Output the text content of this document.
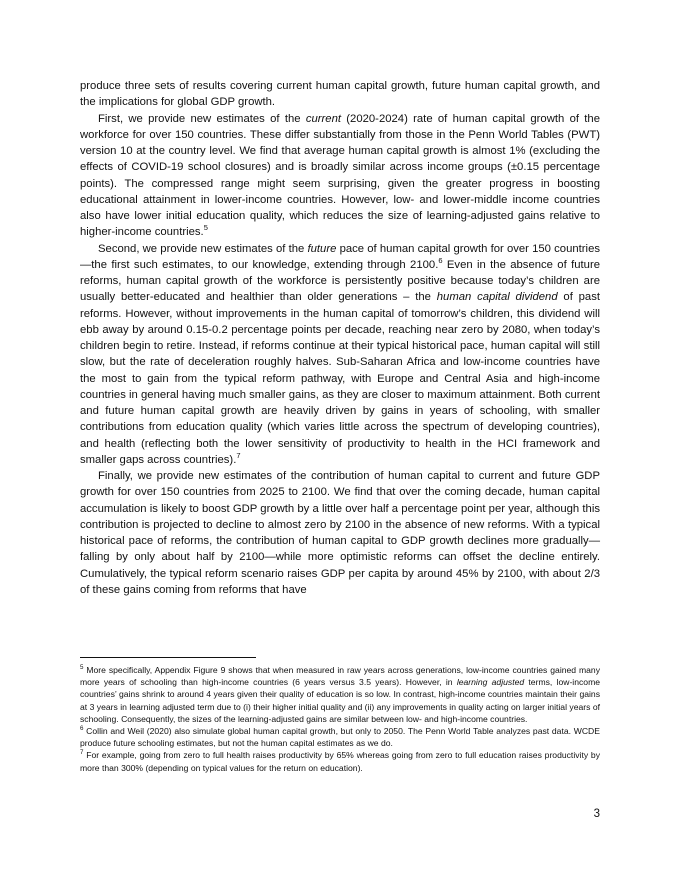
produce three sets of results covering current human capital growth, future human capital growth, and the implications for global GDP growth.

First, we provide new estimates of the current (2020-2024) rate of human capital growth of the workforce for over 150 countries. These differ substantially from those in the Penn World Tables (PWT) version 10 at the country level. We find that average human capital growth is almost 1% (excluding the effects of COVID-19 school closures) and is broadly similar across income groups (±0.15 percentage points). The compressed range might seem surprising, given the greater progress in boosting educational attainment in lower-income countries. However, low- and lower-middle income countries also have lower initial education quality, which reduces the size of learning-adjusted gains relative to higher-income countries.$^5$

Second, we provide new estimates of the future pace of human capital growth for over 150 countries—the first such estimates, to our knowledge, extending through 2100.$^6$ Even in the absence of future reforms, human capital growth of the workforce is persistently positive because today’s children are usually better-educated and healthier than older generations – the human capital dividend of past reforms. However, without improvements in the human capital of tomorrow’s children, this dividend will ebb away by around 0.15-0.2 percentage points per decade, reaching near zero by 2080, when today’s children begin to retire. Instead, if reforms continue at their typical historical pace, human capital will still slow, but the rate of deceleration roughly halves. Sub-Saharan Africa and low-income countries have the most to gain from the typical reform pathway, with Europe and Central Asia and high-income countries in general having much smaller gains, as they are closer to maximum attainment. Both current and future human capital growth are heavily driven by gains in years of schooling, with smaller contributions from education quality (which varies little across the spectrum of developing countries), and health (reflecting both the lower sensitivity of productivity to health in the HCI framework and smaller gaps across countries).$^7$

Finally, we provide new estimates of the contribution of human capital to current and future GDP growth for over 150 countries from 2025 to 2100. We find that over the coming decade, human capital accumulation is likely to boost GDP growth by a little over half a percentage point per year, although this contribution is projected to decline to almost zero by 2100 in the absence of new reforms. With a typical historical pace of reforms, the contribution of human capital to GDP growth declines more gradually—falling by only about half by 2100—while more optimistic reforms can offset the decline entirely. Cumulatively, the typical reform scenario raises GDP per capita by around 45% by 2100, with about 2/3 of these gains coming from reforms that have

$^5$ More specifically, Appendix Figure 9 shows that when measured in raw years across generations, low-income countries gained many more years of schooling than high-income countries (6 years versus 3.5 years). However, in learning adjusted terms, low-income countries’ gains shrink to around 4 years given their quality of education is so low. In contrast, high-income countries maintain their gains at 3 years in learning adjusted term due to (i) their higher initial quality and (ii) any improvements in quality acting on larger initial years of schooling. Consequently, the sizes of the learning-adjusted gains are similar between low- and high-income countries.

$^6$ Collin and Weil (2020) also simulate global human capital growth, but only to 2050. The Penn World Table analyzes past data. WCDE produce future schooling estimates, but not the human capital estimates as we do.

$^7$ For example, going from zero to full health raises productivity by 65% whereas going from zero to full education raises productivity by more than 300% (depending on typical values for the return on education).

3
